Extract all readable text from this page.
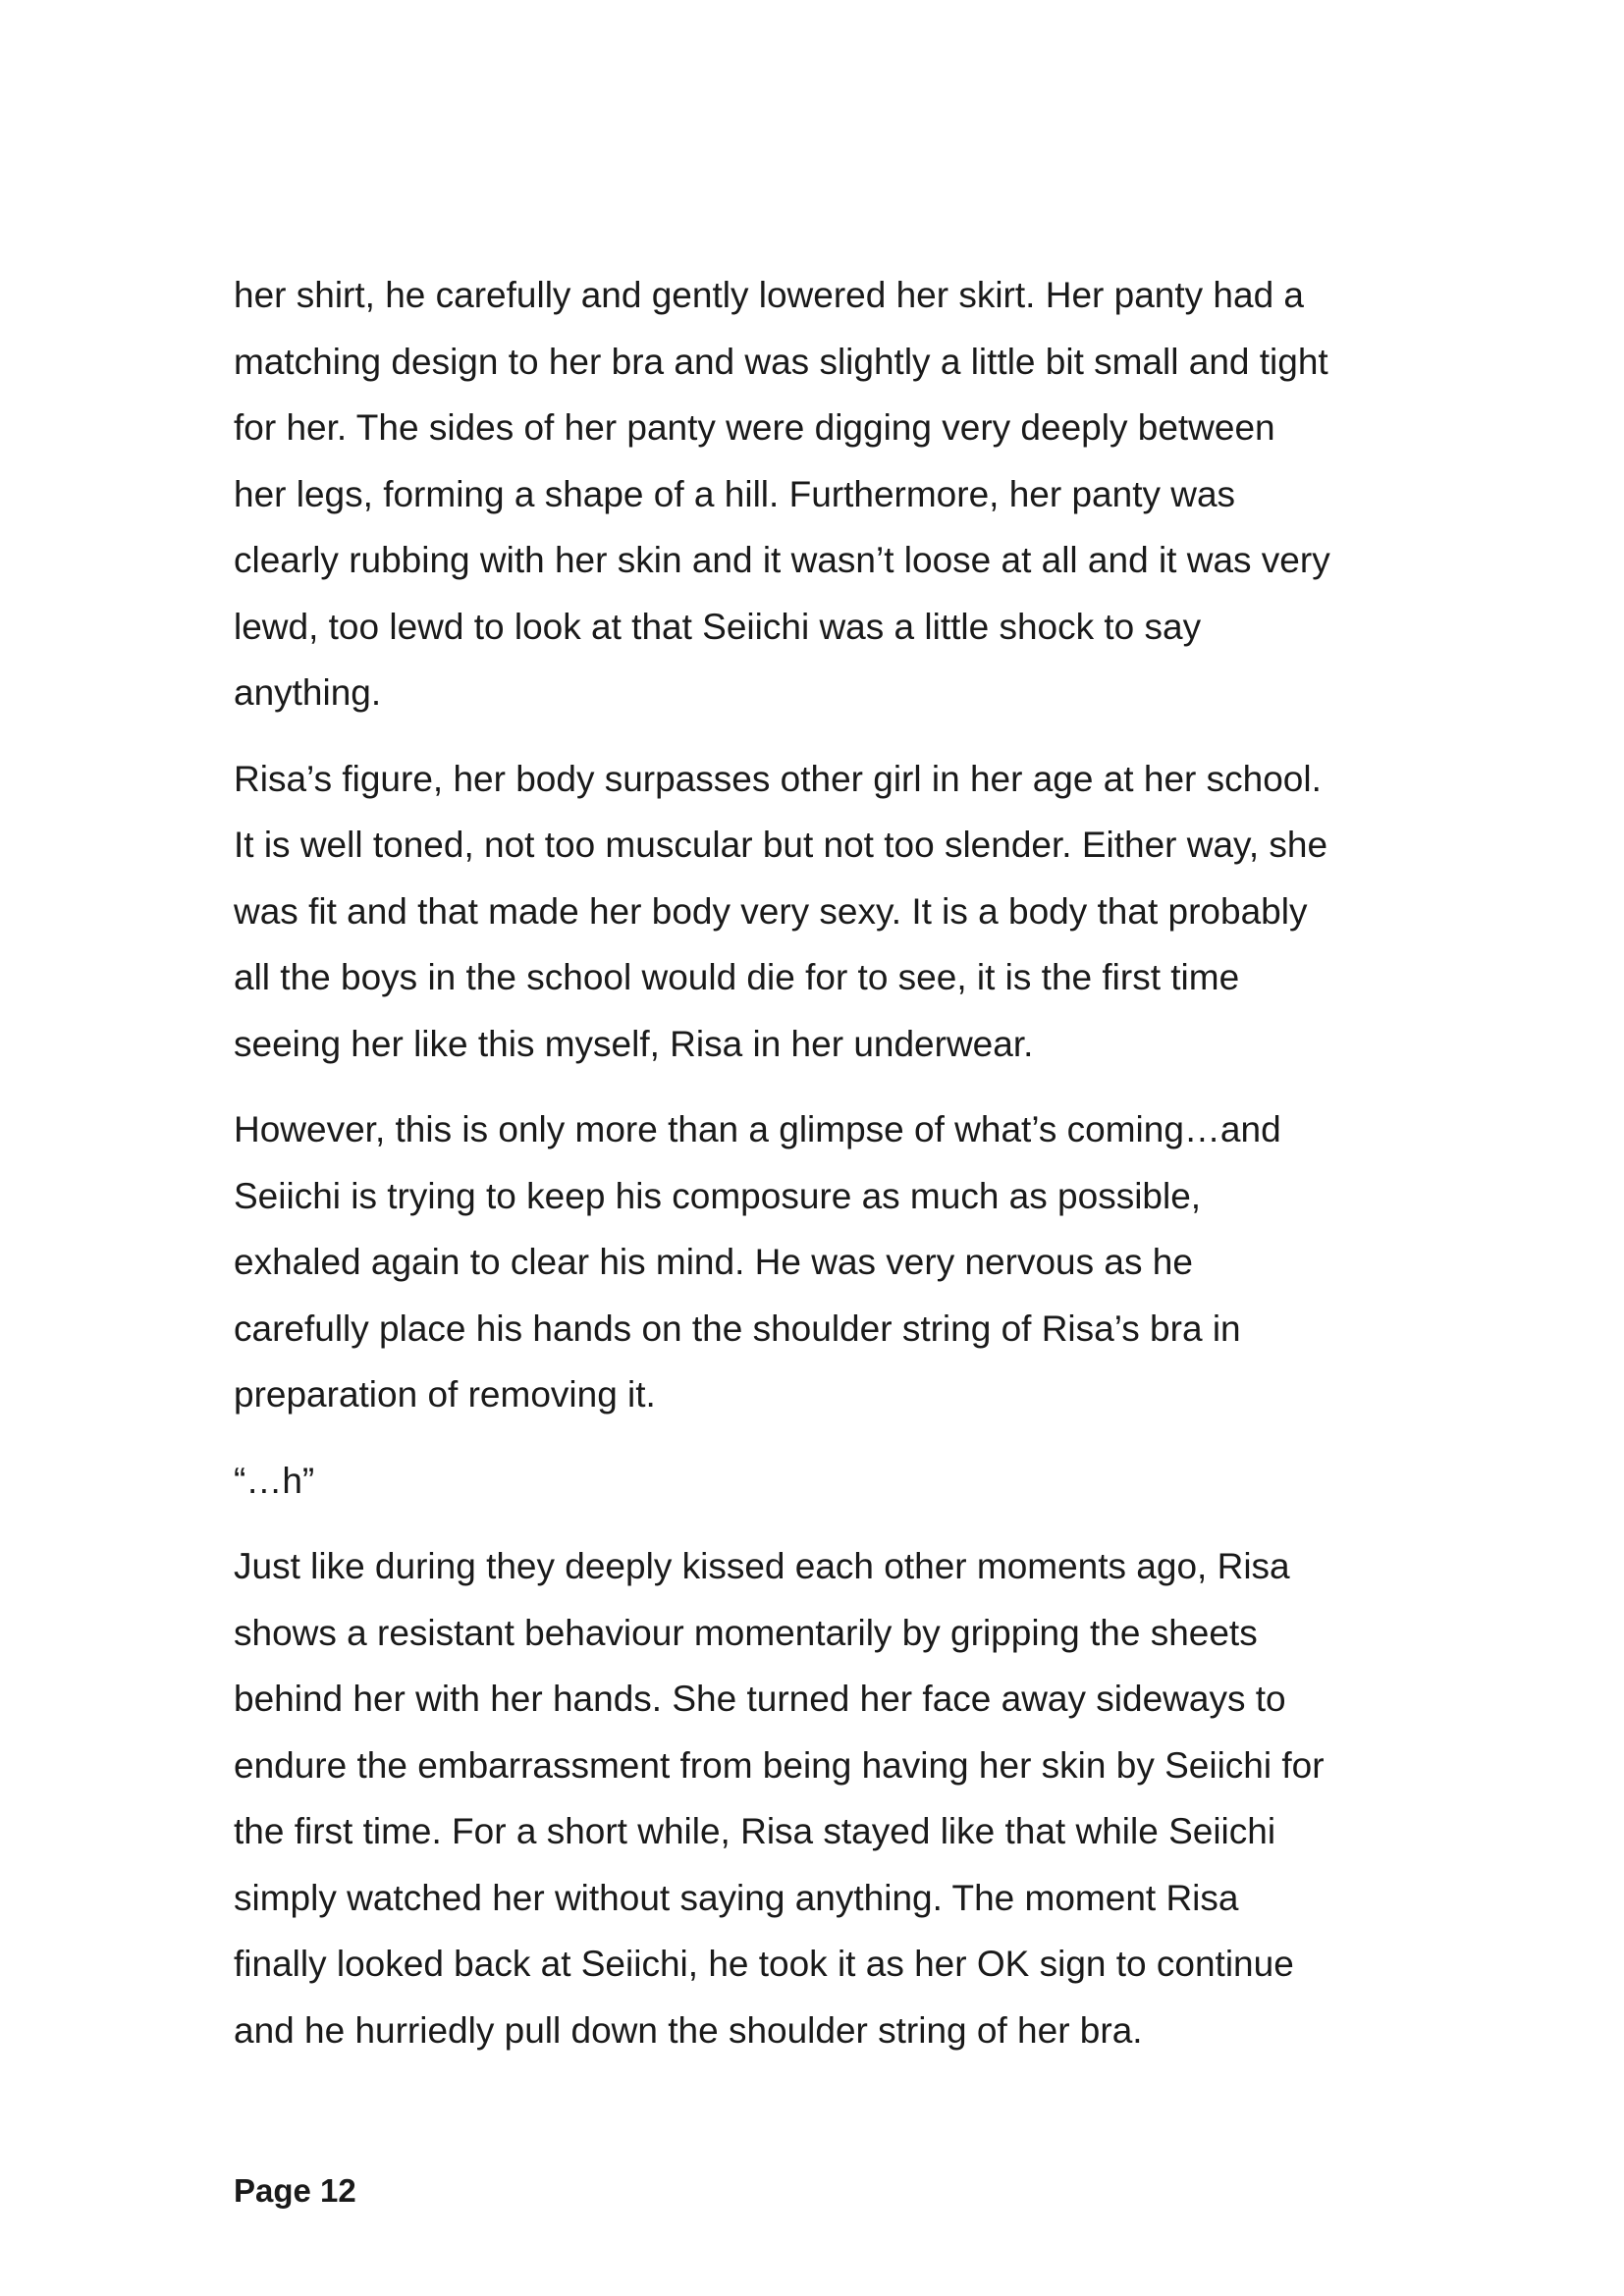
her shirt, he carefully and gently lowered her skirt. Her panty had a
matching design to her bra and was slightly a little bit small and tight
for her. The sides of her panty were digging very deeply between
her legs, forming a shape of a hill. Furthermore, her panty was
clearly rubbing with her skin and it wasn’t loose at all and it was very
lewd, too lewd to look at that Seiichi was a little shock to say
anything.

Risa’s figure, her body surpasses other girl in her age at her school.
It is well toned, not too muscular but not too slender. Either way, she
was fit and that made her body very sexy. It is a body that probably
all the boys in the school would die for to see, it is the first time
seeing her like this myself, Risa in her underwear.

However, this is only more than a glimpse of what’s coming…and
Seiichi is trying to keep his composure as much as possible,
exhaled again to clear his mind. He was very nervous as he
carefully place his hands on the shoulder string of Risa’s bra in
preparation of removing it.

“…h”

Just like during they deeply kissed each other moments ago, Risa
shows a resistant behaviour momentarily by gripping the sheets
behind her with her hands. She turned her face away sideways to
endure the embarrassment from being having her skin by Seiichi for
the first time. For a short while, Risa stayed like that while Seiichi
simply watched her without saying anything. The moment Risa
finally looked back at Seiichi, he took it as her OK sign to continue
and he hurriedly pull down the shoulder string of her bra.

Page 12
